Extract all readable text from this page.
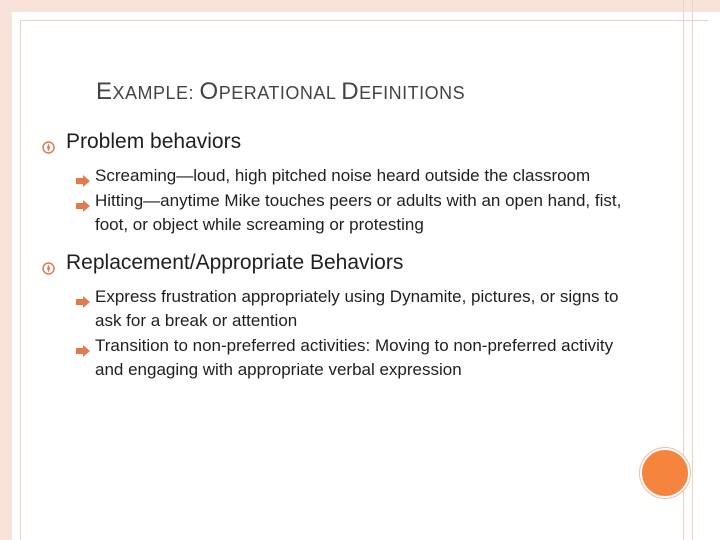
EXAMPLE: OPERATIONAL DEFINITIONS
Problem behaviors
Screaming—loud, high pitched noise heard outside the classroom
Hitting—anytime Mike touches peers or adults with an open hand, fist, foot, or object while screaming or protesting
Replacement/Appropriate Behaviors
Express frustration appropriately using Dynamite, pictures, or signs to ask for a break or attention
Transition to non-preferred activities: Moving to non-preferred activity and engaging with appropriate verbal expression
